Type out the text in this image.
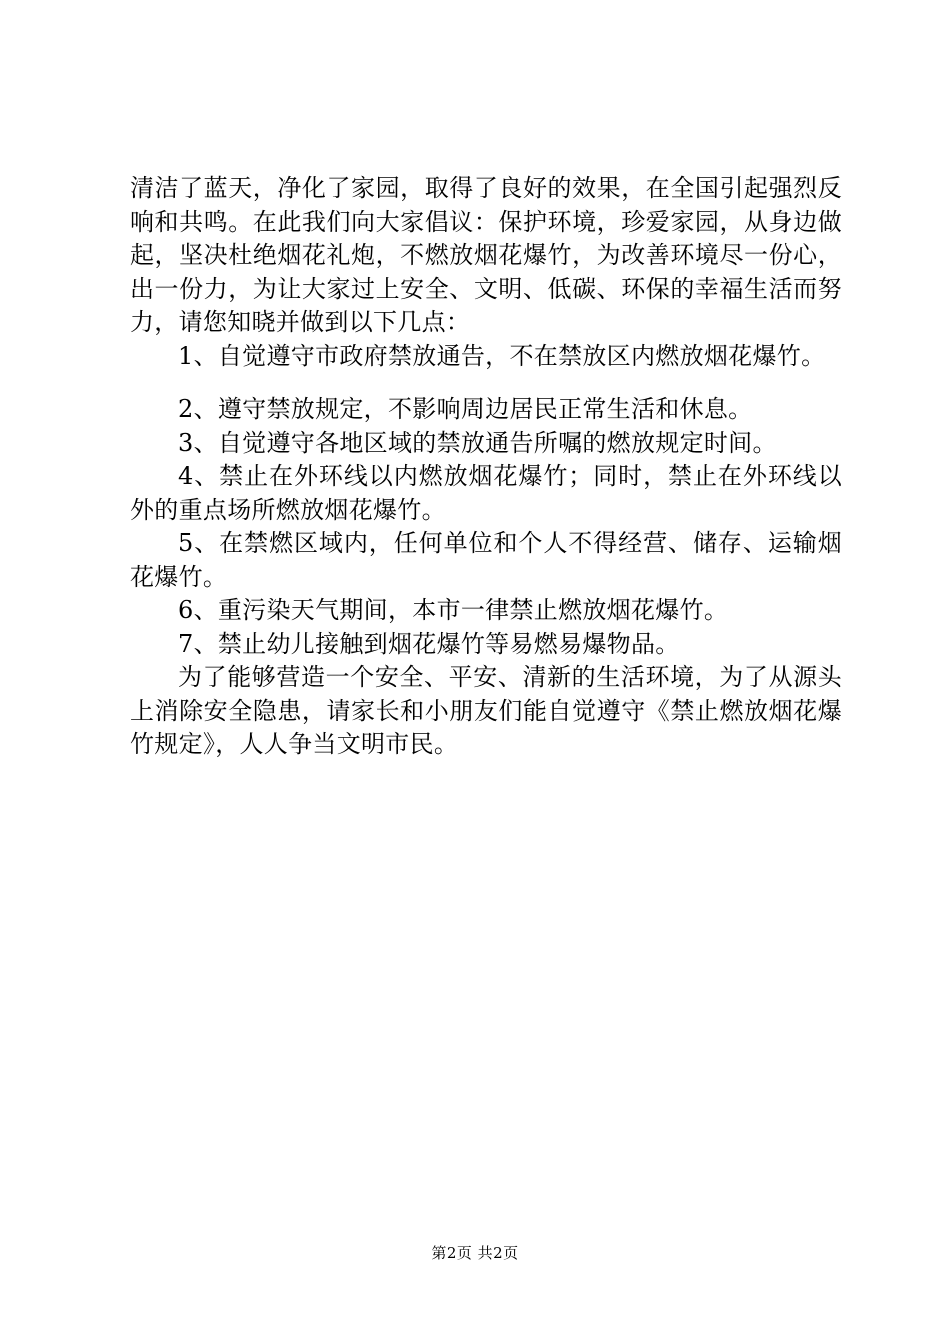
清洁了蓝天，净化了家园，取得了良好的效果，在全国引起强烈反响和共鸣。在此我们向大家倡议：保护环境，珍爱家园，从身边做起，坚决杜绝烟花礼炮，不燃放烟花爆竹，为改善环境尽一份心，出一份力，为让大家过上安全、文明、低碳、环保的幸福生活而努力，请您知晓并做到以下几点：

1、自觉遵守市政府禁放通告，不在禁放区内燃放烟花爆竹。

2、遵守禁放规定，不影响周边居民正常生活和休息。

3、自觉遵守各地区域的禁放通告所嘱的燃放规定时间。

4、禁止在外环线以内燃放烟花爆竹；同时，禁止在外环线以外的重点场所燃放烟花爆竹。

5、在禁燃区域内，任何单位和个人不得经营、储存、运输烟花爆竹。

6、重污染天气期间，本市一律禁止燃放烟花爆竹。

7、禁止幼儿接触到烟花爆竹等易燃易爆物品。

为了能够营造一个安全、平安、清新的生活环境，为了从源头上消除安全隐患，请家长和小朋友们能自觉遵守《禁止燃放烟花爆竹规定》，人人争当文明市民。

第2页 共2页
